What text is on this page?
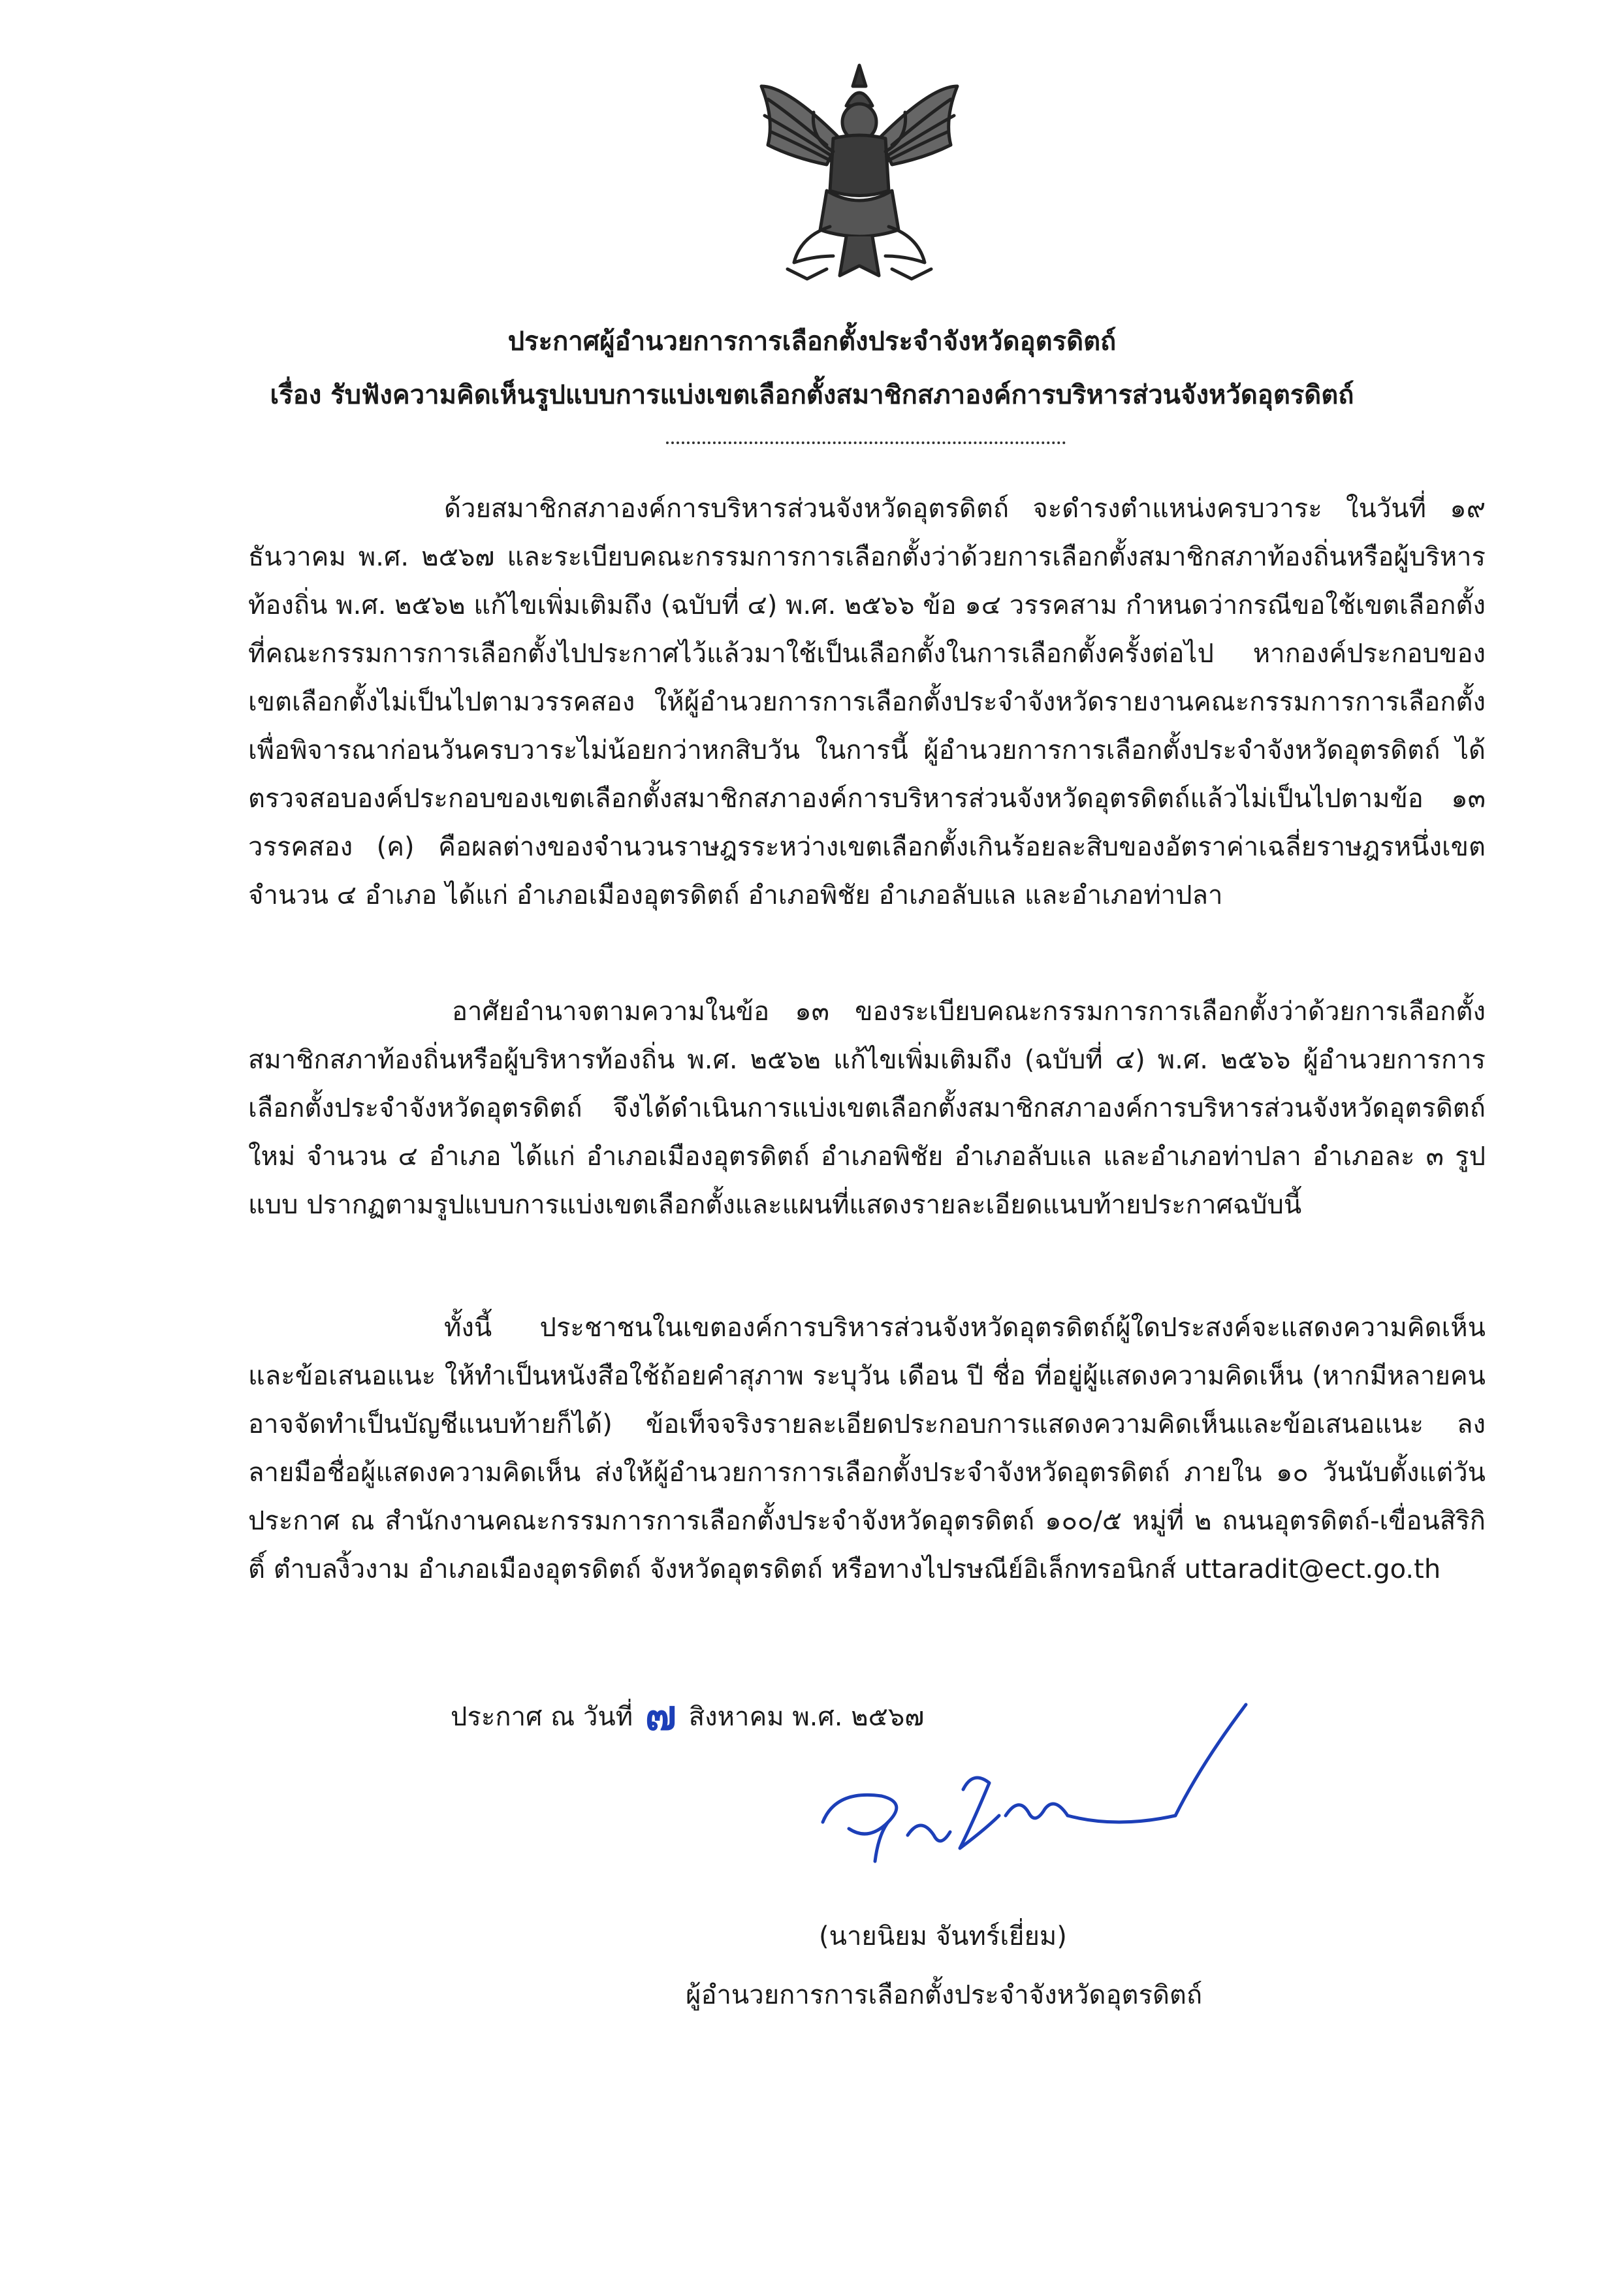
ประกาศผู้อำนวยการการเลือกตั้งประจำจังหวัดอุตรดิตถ์
เรื่อง รับฟังความคิดเห็นรูปแบบการแบ่งเขตเลือกตั้งสมาชิกสภาองค์การบริหารส่วนจังหวัดอุตรดิตถ์

ด้วยสมาชิกสภาองค์การบริหารส่วนจังหวัดอุตรดิตถ์ จะดำรงตำแหน่งครบวาระ ในวันที่ ๑๙ ธันวาคม พ.ศ. ๒๕๖๗ และระเบียบคณะกรรมการการเลือกตั้งว่าด้วยการเลือกตั้งสมาชิกสภาท้องถิ่นหรือผู้บริหารท้องถิ่น พ.ศ. ๒๕๖๒ แก้ไขเพิ่มเติมถึง (ฉบับที่ ๔) พ.ศ. ๒๕๖๖ ข้อ ๑๔ วรรคสาม กำหนดว่ากรณีขอใช้เขตเลือกตั้งที่คณะกรรมการการเลือกตั้งไปประกาศไว้แล้วมาใช้เป็นเลือกตั้งในการเลือกตั้งครั้งต่อไป หากองค์ประกอบของเขตเลือกตั้งไม่เป็นไปตามวรรคสอง ให้ผู้อำนวยการการเลือกตั้งประจำจังหวัดรายงานคณะกรรมการการเลือกตั้งเพื่อพิจารณาก่อนวันครบวาระไม่น้อยกว่าหกสิบวัน ในการนี้ ผู้อำนวยการการเลือกตั้งประจำจังหวัดอุตรดิตถ์ ได้ตรวจสอบองค์ประกอบของเขตเลือกตั้งสมาชิกสภาองค์การบริหารส่วนจังหวัดอุตรดิตถ์แล้วไม่เป็นไปตามข้อ ๑๓ วรรคสอง (ค) คือผลต่างของจำนวนราษฎรระหว่างเขตเลือกตั้งเกินร้อยละสิบของอัตราค่าเฉลี่ยราษฎรหนึ่งเขต จำนวน ๔ อำเภอ ได้แก่ อำเภอเมืองอุตรดิตถ์ อำเภอพิชัย อำเภอลับแล และอำเภอท่าปลา

อาศัยอำนาจตามความในข้อ ๑๓ ของระเบียบคณะกรรมการการเลือกตั้งว่าด้วยการเลือกตั้งสมาชิกสภาท้องถิ่นหรือผู้บริหารท้องถิ่น พ.ศ. ๒๕๖๒ แก้ไขเพิ่มเติมถึง (ฉบับที่ ๔) พ.ศ. ๒๕๖๖ ผู้อำนวยการการเลือกตั้งประจำจังหวัดอุตรดิตถ์ จึงได้ดำเนินการแบ่งเขตเลือกตั้งสมาชิกสภาองค์การบริหารส่วนจังหวัดอุตรดิตถ์ ใหม่ จำนวน ๔ อำเภอ ได้แก่ อำเภอเมืองอุตรดิตถ์ อำเภอพิชัย อำเภอลับแล และอำเภอท่าปลา อำเภอละ ๓ รูปแบบ ปรากฏตามรูปแบบการแบ่งเขตเลือกตั้งและแผนที่แสดงรายละเอียดแนบท้ายประกาศฉบับนี้

ทั้งนี้ ประชาชนในเขตองค์การบริหารส่วนจังหวัดอุตรดิตถ์ผู้ใดประสงค์จะแสดงความคิดเห็นและข้อเสนอแนะ ให้ทำเป็นหนังสือใช้ถ้อยคำสุภาพ ระบุวัน เดือน ปี ชื่อ ที่อยู่ผู้แสดงความคิดเห็น (หากมีหลายคนอาจจัดทำเป็นบัญชีแนบท้ายก็ได้) ข้อเท็จจริงรายละเอียดประกอบการแสดงความคิดเห็นและข้อเสนอแนะ ลงลายมือชื่อผู้แสดงความคิดเห็น ส่งให้ผู้อำนวยการการเลือกตั้งประจำจังหวัดอุตรดิตถ์ ภายใน ๑๐ วันนับตั้งแต่วันประกาศ ณ สำนักงานคณะกรรมการการเลือกตั้งประจำจังหวัดอุตรดิตถ์ ๑๐๐/๕ หมู่ที่ ๒ ถนนอุตรดิตถ์-เขื่อนสิริกิติ์ ตำบลงิ้วงาม อำเภอเมืองอุตรดิตถ์ จังหวัดอุตรดิตถ์ หรือทางไปรษณีย์อิเล็กทรอนิกส์ uttaradit@ect.go.th

ประกาศ ณ วันที่ ๗ สิงหาคม พ.ศ. ๒๕๖๗
(นายนิยม จันทร์เยี่ยม)
ผู้อำนวยการการเลือกตั้งประจำจังหวัดอุตรดิตถ์
